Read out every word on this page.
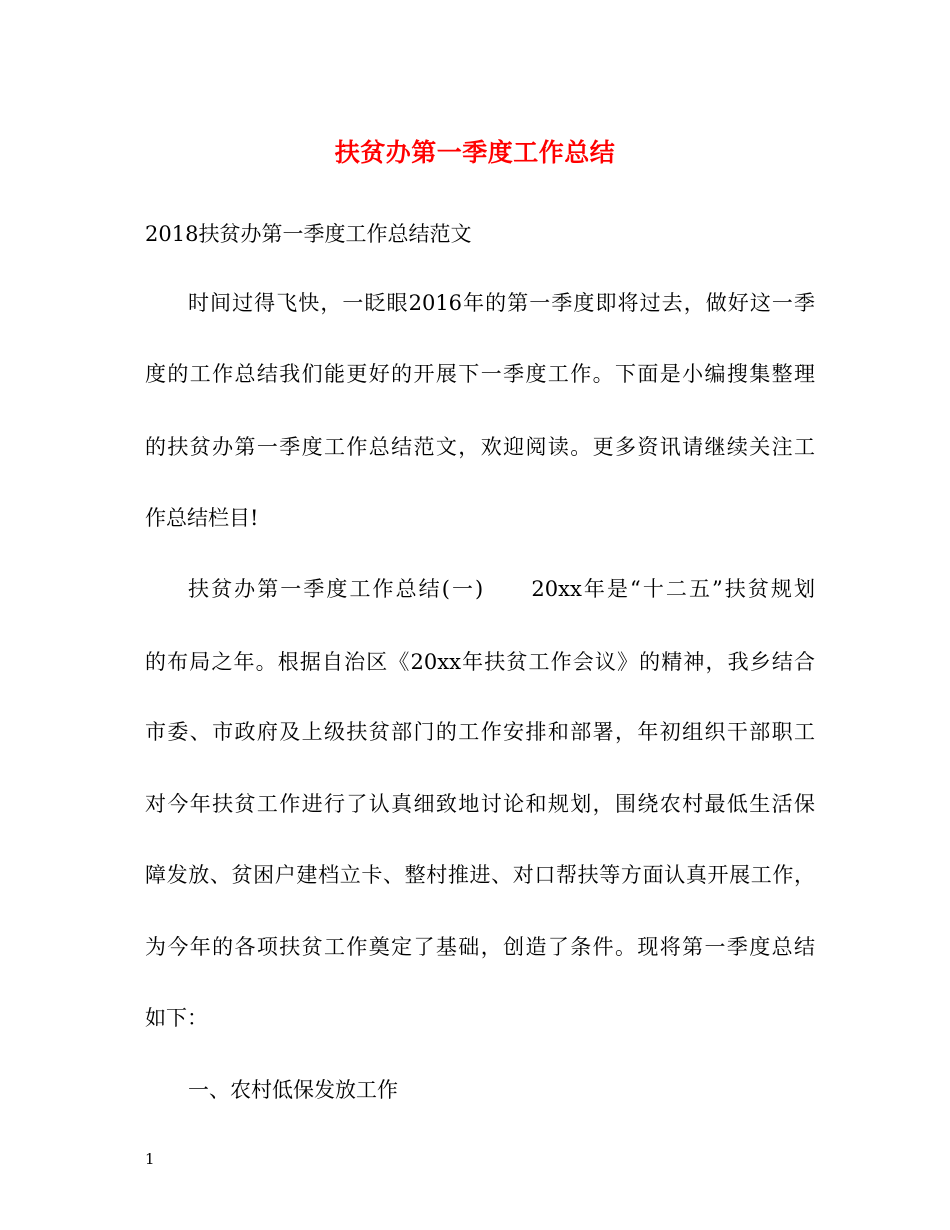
扶贫办第一季度工作总结
2018扶贫办第一季度工作总结范文
时间过得飞快，一眨眼2016年的第一季度即将过去，做好这一季
度的工作总结我们能更好的开展下一季度工作。下面是小编搜集整理
的扶贫办第一季度工作总结范文，欢迎阅读。更多资讯请继续关注工
作总结栏目!
扶贫办第一季度工作总结(一)　　20xx年是“十二五”扶贫规划
的布局之年。根据自治区《20xx年扶贫工作会议》的精神，我乡结合
市委、市政府及上级扶贫部门的工作安排和部署，年初组织干部职工
对今年扶贫工作进行了认真细致地讨论和规划，围绕农村最低生活保
障发放、贫困户建档立卡、整村推进、对口帮扶等方面认真开展工作，
为今年的各项扶贫工作奠定了基础，创造了条件。现将第一季度总结
如下：
一、农村低保发放工作
1
